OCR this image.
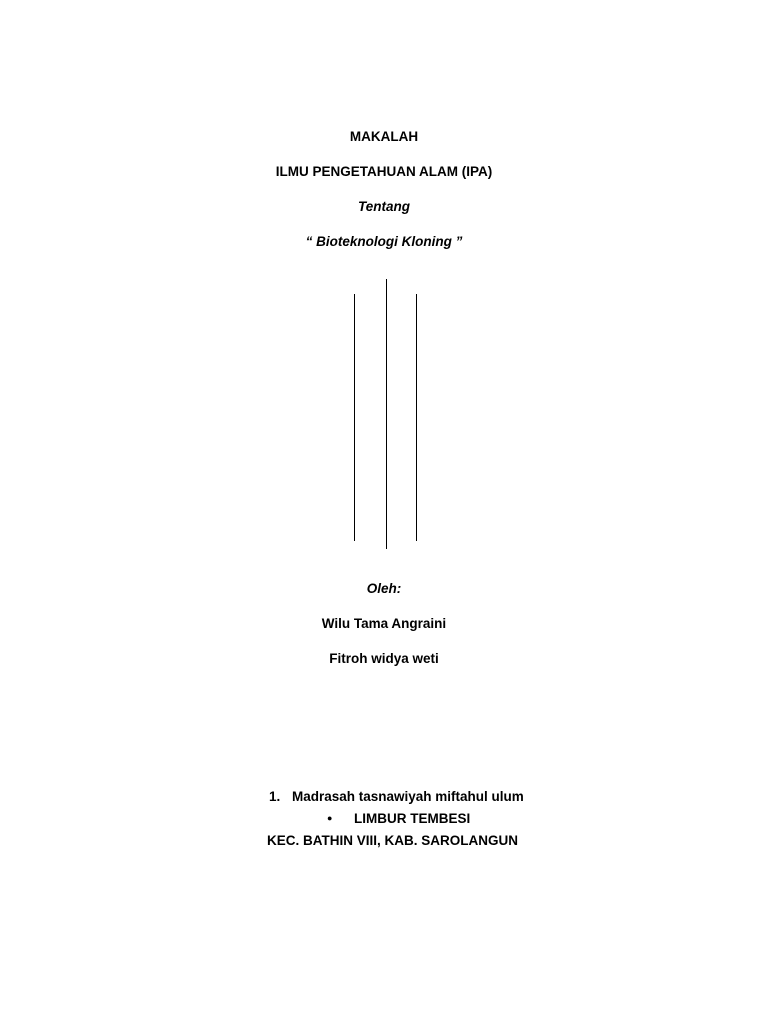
MAKALAH
ILMU PENGETAHUAN ALAM (IPA)
Tentang
“ Bioteknologi Kloning ”
Oleh:
Wilu Tama Angraini
Fitroh widya weti
1. Madrasah tasnawiyah miftahul ulum
● LIMBUR TEMBESI
KEC. BATHIN VIII, KAB. SAROLANGUN
